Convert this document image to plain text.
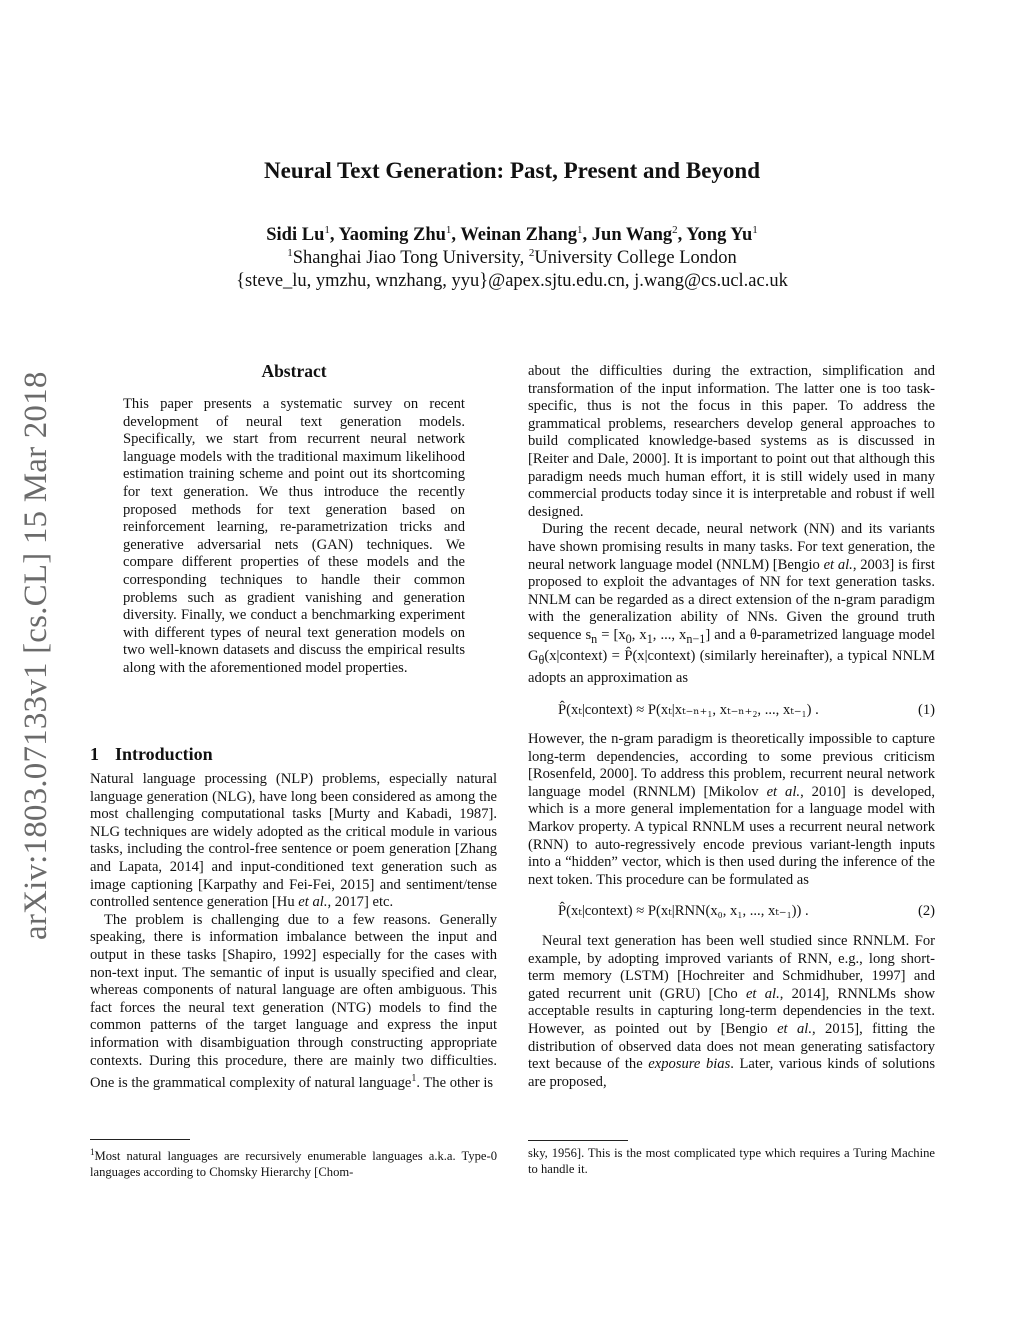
arXiv:1803.07133v1 [cs.CL] 15 Mar 2018
Neural Text Generation: Past, Present and Beyond
Sidi Lu$^1$, Yaoming Zhu$^1$, Weinan Zhang$^1$, Jun Wang$^2$, Yong Yu$^1$
$^1$Shanghai Jiao Tong University, $^2$University College London
{steve_lu, ymzhu, wnzhang, yyu}@apex.sjtu.edu.cn, j.wang@cs.ucl.ac.uk
Abstract

This paper presents a systematic survey on recent development of neural text generation models. Specifically, we start from recurrent neural network language models with the traditional maximum likelihood estimation training scheme and point out its shortcoming for text generation. We thus introduce the recently proposed methods for text generation based on reinforcement learning, re-parametrization tricks and generative adversarial nets (GAN) techniques. We compare different properties of these models and the corresponding techniques to handle their common problems such as gradient vanishing and generation diversity. Finally, we conduct a benchmarking experiment with different types of neural text generation models on two well-known datasets and discuss the empirical results along with the aforementioned model properties.

1 Introduction

Natural language processing (NLP) problems, especially natural language generation (NLG), have long been considered as among the most challenging computational tasks [Murty and Kabadi, 1987]. NLG techniques are widely adopted as the critical module in various tasks, including the control-free sentence or poem generation [Zhang and Lapata, 2014] and input-conditioned text generation such as image captioning [Karpathy and Fei-Fei, 2015] and sentiment/tense controlled sentence generation [Hu et al., 2017] etc.

The problem is challenging due to a few reasons. Generally speaking, there is information imbalance between the input and output in these tasks [Shapiro, 1992] especially for the cases with non-text input. The semantic of input is usually specified and clear, whereas components of natural language are often ambiguous. This fact forces the neural text generation (NTG) models to find the common patterns of the target language and express the input information with disambiguation through constructing appropriate contexts. During this procedure, there are mainly two difficulties. One is the grammatical complexity of natural language$^1$. The other is

$^1$Most natural languages are recursively enumerable languages a.k.a. Type-0 languages according to Chomsky Hierarchy [Chom-

about the difficulties during the extraction, simplification and transformation of the input information. The latter one is too task-specific, thus is not the focus in this paper. To address the grammatical problems, researchers develop general approaches to build complicated knowledge-based systems as is discussed in [Reiter and Dale, 2000]. It is important to point out that although this paradigm needs much human effort, it is still widely used in many commercial products today since it is interpretable and robust if well designed.

During the recent decade, neural network (NN) and its variants have shown promising results in many tasks. For text generation, the neural network language model (NNLM) [Bengio et al., 2003] is first proposed to exploit the advantages of NN for text generation tasks. NNLM can be regarded as a direct extension of the n-gram paradigm with the generalization ability of NNs. Given the ground truth sequence $s_n = [x_0$, $x_1$, ..., $x_{n-1}$] and a θ-parametrized language model $G_\theta(x|context)$ = P̂(x|context) (similarly hereinafter), a typical NNLM adopts an approximation as

P̂(xₜ|context) ≈ P(xₜ|xₜ₋ₙ₊₁, xₜ₋ₙ₊₂, ..., xₜ₋₁) .	(1)

However, the n-gram paradigm is theoretically impossible to capture long-term dependencies, according to some previous criticism [Rosenfeld, 2000]. To address this problem, recurrent neural network language model (RNNLM) [Mikolov et al., 2010] is developed, which is a more general implementation for a language model with Markov property. A typical RNNLM uses a recurrent neural network (RNN) to auto-regressively encode previous variant-length inputs into a “hidden” vector, which is then used during the inference of the next token. This procedure can be formulated as

P̂(xₜ|context) ≈ P(xₜ|RNN(x₀, x₁, ..., xₜ₋₁)) .	(2)

Neural text generation has been well studied since RNNLM. For example, by adopting improved variants of RNN, e.g., long short-term memory (LSTM) [Hochreiter and Schmidhuber, 1997] and gated recurrent unit (GRU) [Cho et al., 2014], RNNLMs show acceptable results in capturing long-term dependencies in the text. However, as pointed out by [Bengio et al., 2015], fitting the distribution of observed data does not mean generating satisfactory text because of the exposure bias. Later, various kinds of solutions are proposed,

sky, 1956]. This is the most complicated type which requires a Turing Machine to handle it.
